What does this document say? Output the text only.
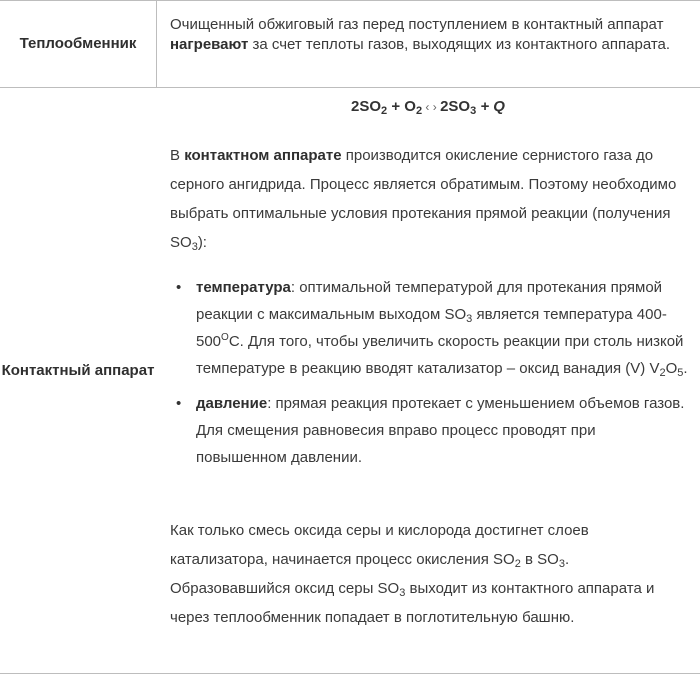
Теплообменник
Очищенный обжиговый газ перед поступлением в контактный аппарат нагревают за счет теплоты газов, выходящих из контактного аппарата.
Контактный аппарат
$2SO_2 + O_2$ ‹ › $2SO_3 + Q$
В контактном аппарате производится окисление сернистого газа до серного ангидрида. Процесс является обратимым. Поэтому необходимо выбрать оптимальные условия протекания прямой реакции (получения $SO_3$):
• температура: оптимальной температурой для протекания прямой реакции с максимальным выходом $SO_3$ является температура $400-500^OС$. Для того, чтобы увеличить скорость реакции при столь низкой температуре в реакцию вводят катализатор – оксид ванадия (V) $V_2O_5$.
• давление: прямая реакция протекает с уменьшением объемов газов. Для смещения равновесия вправо процесс проводят при повышенном давлении.
Как только смесь оксида серы и кислорода достигнет слоев катализатора, начинается процесс окисления $SO_2$ в $SO_3$. Образовавшийся оксид серы $SO_3$ выходит из контактного аппарата и через теплообменник попадает в поглотительную башню.
